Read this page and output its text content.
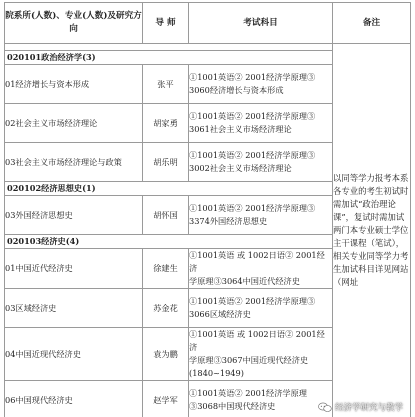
院系所(人数)、专业(人数)及研究方向	导 师	考试科目	备注

			以同等学力报考本系各专业的考生初试时需加试“政治理论课”，复试时需加试两门本专业硕士学位主干课程（笔试），相关专业同等学力考生加试科目详见网站（网址

020101政治经济学(3)			
01经济增长与资本形成	张平	①1001英语② 2001经济学原理③
3060经济增长与资本形成	

02社会主义市场经济理论	胡家勇	①1001英语② 2001经济学原理③
3061社会主义市场经济理论	

03社会主义市场经济理论与政策	胡乐明	①1001英语② 2001经济学原理③
3002社会主义市场经济理论	

020102经济思想史(1)			
03外国经济思想史	胡怀国	①1001英语② 2001经济学原理③
3374外国经济思想史	

020103经济史(4)			
01中国近代经济史	徐建生	①1001英语 或 1002日语② 2001经济
学原理③3064中国近代经济史	

03区域经济史	苏金花	①1001英语② 2001经济学原理③
3066区域经济史	

04中国近现代经济史	袁为鹏	①1001英语 或 1002日语② 2001经济
学原理③3067中国近现代经济史
(1840~1949)	

06中国现代经济史	赵学军	①1001英语② 2001经济学原理
③3068中国现代经济史		经济学研究与教学
